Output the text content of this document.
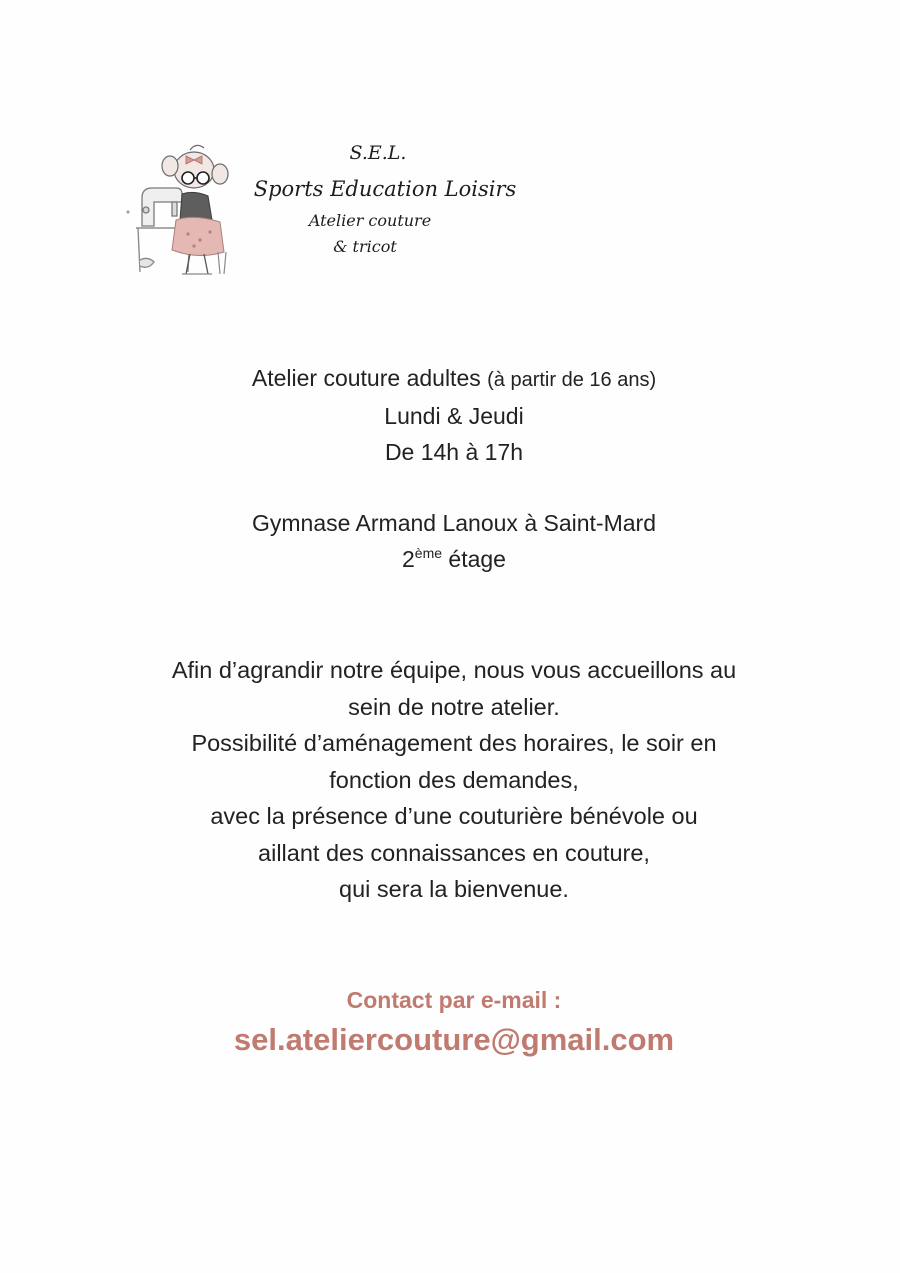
S.E.L.
Sports Education Loisirs
Atelier couture
& tricot
Atelier couture adultes (à partir de 16 ans)
Lundi & Jeudi
De 14h à 17h
Gymnase Armand Lanoux à Saint-Mard
2ème étage
Afin d’agrandir notre équipe, nous vous accueillons au
sein de notre atelier.
Possibilité d’aménagement des horaires, le soir en
fonction des demandes,
avec la présence d’une couturière bénévole ou
aillant des connaissances en couture,
qui sera la bienvenue.
Contact par e-mail :
sel.ateliercouture@gmail.com
